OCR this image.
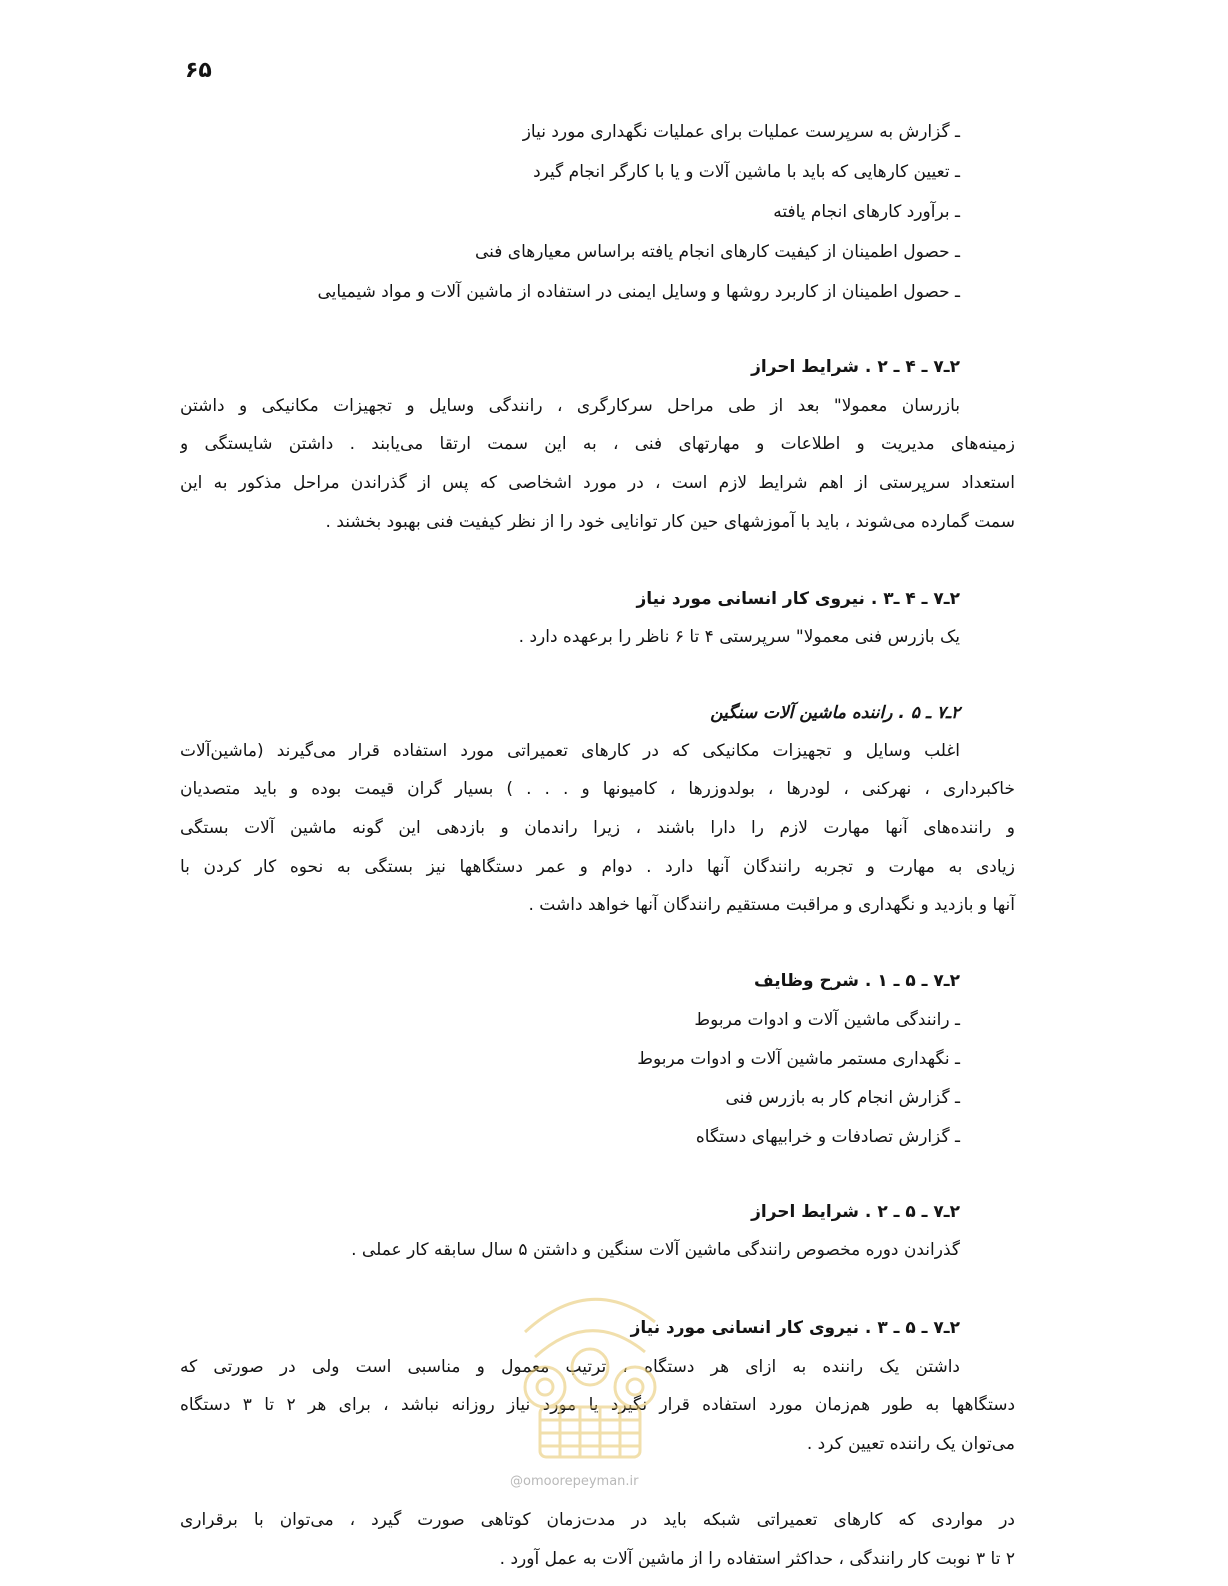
۶۵
ـ گزارش به سرپرست عملیات برای عملیات نگهداری مورد نیاز
ـ تعیین کارهایی که باید با ماشین آلات و یا با کارگر انجام گیرد
ـ برآورد کارهای انجام یافته
ـ حصول اطمینان از کیفیت کارهای انجام یافته براساس معیارهای فنی
ـ حصول اطمینان از کاربرد روشها و وسایل ایمنی در استفاده از ماشین آلات و مواد شیمیایی
۲ـ۷ ـ ۴ ـ ۲ . شرایط احراز
بازرسان معمولا" بعد از طی مراحل سرکارگری ، رانندگی وسایل و تجهیزات مکانیکی و داشتن
زمینه‌های مدیریت و اطلاعات و مهارتهای فنی ، به این سمت ارتقا می‌یابند . داشتن شایستگی و
استعداد سرپرستی از اهم شرایط لازم است ، در مورد اشخاصی که پس از گذراندن مراحل مذکور به این
سمت گمارده می‌شوند ، باید با آموزشهای حین کار توانایی خود را از نظر کیفیت فنی بهبود بخشند .
۲ـ۷ ـ ۴ ـ۳ . نیروی کار انسانی مورد نیاز
یک بازرس فنی معمولا" سرپرستی ۴ تا ۶ ناظر را برعهده دارد .
۲ـ۷ ـ ۵ . راننده ماشین آلات سنگین
اغلب وسایل و تجهیزات مکانیکی که در کارهای تعمیراتی مورد استفاده قرار می‌گیرند (ماشین‌آلات
خاکبرداری ، نهرکنی ، لودرها ، بولدوزرها ، کامیونها و . . . ) بسیار گران قیمت بوده و باید متصدیان
و راننده‌های آنها مهارت لازم را دارا باشند ، زیرا راندمان و بازدهی این گونه ماشین آلات بستگی
زیادی به مهارت و تجربه رانندگان آنها دارد . دوام و عمر دستگاهها نیز بستگی به نحوه کار کردن با
آنها و بازدید و نگهداری و مراقبت مستقیم رانندگان آنها خواهد داشت .
۲ـ۷ ـ ۵ ـ ۱ . شرح وظایف
ـ رانندگی ماشین آلات و ادوات مربوط
ـ نگهداری مستمر ماشین آلات و ادوات مربوط
ـ گزارش انجام کار به بازرس فنی
ـ گزارش تصادفات و خرابیهای دستگاه
۲ـ۷ ـ ۵ ـ ۲ . شرایط احراز
گذراندن دوره مخصوص رانندگی ماشین آلات سنگین و داشتن ۵ سال سابقه کار عملی .
۲ـ۷ ـ ۵ ـ ۳ . نیروی کار انسانی مورد نیاز
داشتن یک راننده به ازای هر دستگاه ، ترتیب معمول و مناسبی است ولی در صورتی که
دستگاهها به طور هم‌زمان مورد استفاده قرار نگیرد یا مورد نیاز روزانه نباشد ، برای هر ۲ تا ۳ دستگاه
می‌توان یک راننده تعیین کرد .
در مواردی که کارهای تعمیراتی شبکه باید در مدت‌زمان کوتاهی صورت گیرد ، می‌توان با برقراری
۲ تا ۳ نوبت کار رانندگی ، حداکثر استفاده را از ماشین آلات به عمل آورد .
@omoorepeyman.ir
